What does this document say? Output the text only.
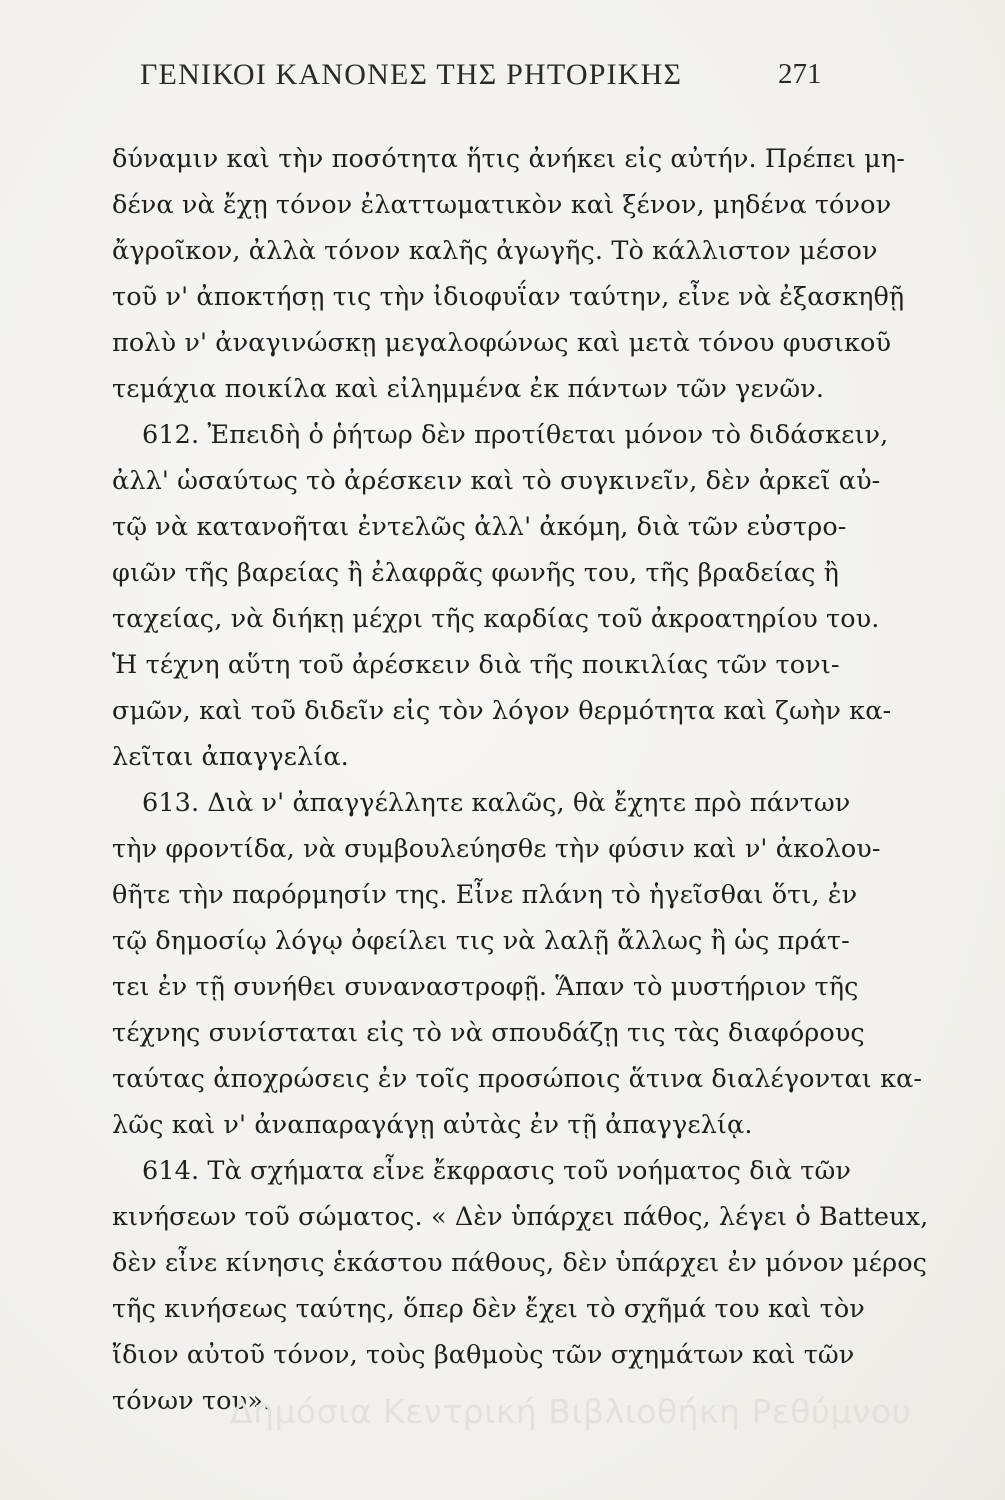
ΓΕΝΙΚΟΙ ΚΑΝΟΝΕΣ ΤΗΣ ΡΗΤΟΡΙΚΗΣ	271
δύναμιν καὶ τὴν ποσότητα ἥτις ἀνήκει εἰς αὐτήν. Πρέπει μη-
δένα νὰ ἔχῃ τόνον ἐλαττωματικὸν καὶ ξένον, μηδένα τόνον
ἄγροῖκον, ἀλλὰ τόνον καλῆς ἀγωγῆς. Τὸ κάλλιστον μέσον
τοῦ ν' ἀποκτήσῃ τις τὴν ἰδιοφυΐαν ταύτην, εἶνε νὰ ἐξασκηθῇ
πολὺ ν' ἀναγινώσκῃ μεγαλοφώνως καὶ μετὰ τόνου φυσικοῦ
τεμάχια ποικίλα καὶ εἰλημμένα ἐκ πάντων τῶν γενῶν.
612. Ἐπειδὴ ὁ ῥήτωρ δὲν προτίθεται μόνον τὸ διδάσκειν,
ἀλλ' ὡσαύτως τὸ ἀρέσκειν καὶ τὸ συγκινεῖν, δὲν ἀρκεῖ αὐ-
τῷ νὰ κατανοῆται ἐντελῶς ἀλλ' ἀκόμη, διὰ τῶν εὐστρο-
φιῶν τῆς βαρείας ἢ ἐλαφρᾶς φωνῆς του, τῆς βραδείας ἢ
ταχείας, νὰ διήκῃ μέχρι τῆς καρδίας τοῦ ἀκροατηρίου του.
Ἡ τέχνη αὕτη τοῦ ἀρέσκειν διὰ τῆς ποικιλίας τῶν τονι-
σμῶν, καὶ τοῦ διδεῖν εἰς τὸν λόγον θερμότητα καὶ ζωὴν κα-
λεῖται ἀπαγγελία.
613. Διὰ ν' ἀπαγγέλλητε καλῶς, θὰ ἔχητε πρὸ πάντων
τὴν φροντίδα, νὰ συμβουλεύησθε τὴν φύσιν καὶ ν' ἀκολου-
θῆτε τὴν παρόρμησίν της. Εἶνε πλάνη τὸ ἡγεῖσθαι ὅτι, ἐν
τῷ δημοσίῳ λόγῳ ὀφείλει τις νὰ λαλῇ ἄλλως ἢ ὡς πράτ-
τει ἐν τῇ συνήθει συναναστροφῇ. Ἅπαν τὸ μυστήριον τῆς
τέχνης συνίσταται εἰς τὸ νὰ σπουδάζῃ τις τὰς διαφόρους
ταύτας ἀποχρώσεις ἐν τοῖς προσώποις ἅτινα διαλέγονται κα-
λῶς καὶ ν' ἀναπαραγάγῃ αὐτὰς ἐν τῇ ἀπαγγελίᾳ.
614. Τὰ σχήματα εἶνε ἔκφρασις τοῦ νοήματος διὰ τῶν
κινήσεων τοῦ σώματος. « Δὲν ὑπάρχει πάθος, λέγει ὁ Batteux,
δὲν εἶνε κίνησις ἑκάστου πάθους, δὲν ὑπάρχει ἐν μόνον μέρος
τῆς κινήσεως ταύτης, ὅπερ δὲν ἔχει τὸ σχῆμά του καὶ τὸν
ἴδιον αὐτοῦ τόνον, τοὺς βαθμοὺς τῶν σχημάτων καὶ τῶν
τόνων του».
Δημόσια Κεντρική Βιβλιοθήκη Ρεθύμνου
